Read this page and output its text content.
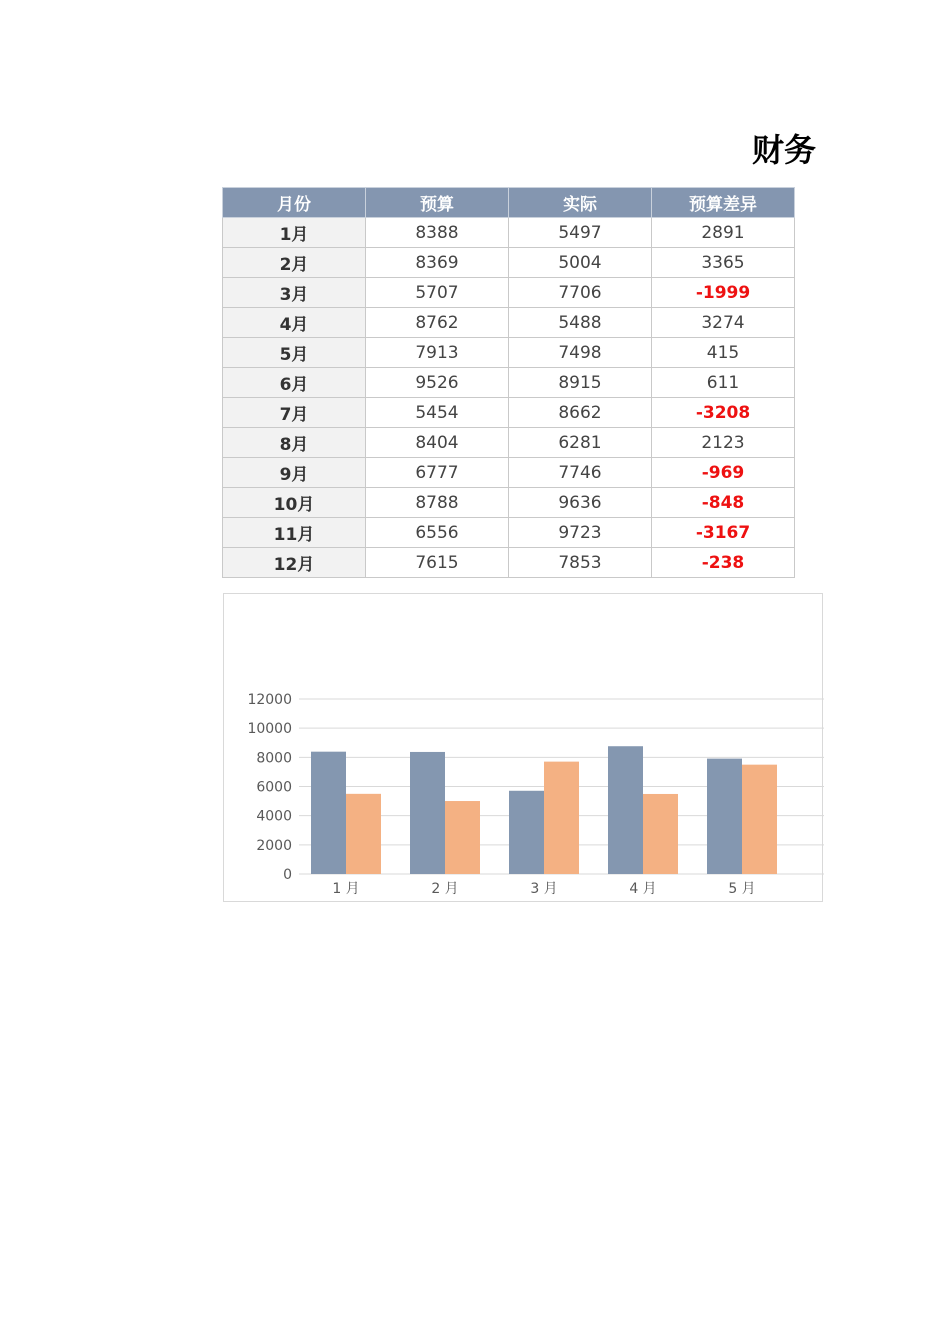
财务
月份	预算	实际	预算差异
1月	8388	5497	2891
2月	8369	5004	3365
3月	5707	7706	-1999
4月	8762	5488	3274
5月	7913	7498	415
6月	9526	8915	611
7月	5454	8662	-3208
8月	8404	6281	2123
9月	6777	7746	-969
10月	8788	9636	-848
11月	6556	9723	-3167
12月	7615	7853	-238
0
2000
4000
6000
8000
10000
12000
1 月	2 月	3 月	4 月	5 月
